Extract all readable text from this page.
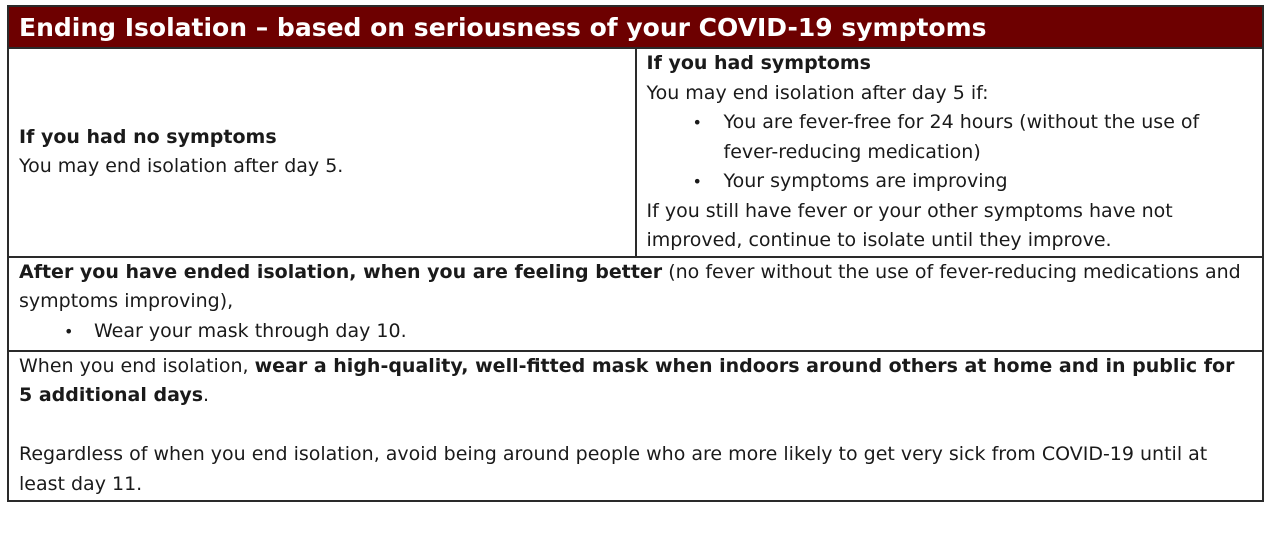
Ending Isolation – based on seriousness of your COVID-19 symptoms

If you had no symptoms
You may end isolation after day 5.

If you had symptoms
You may end isolation after day 5 if:
• You are fever-free for 24 hours (without the use of fever-reducing medication)
• Your symptoms are improving
If you still have fever or your other symptoms have not improved, continue to isolate until they improve.

After you have ended isolation, when you are feeling better (no fever without the use of fever-reducing medications and symptoms improving),
• Wear your mask through day 10.

When you end isolation, wear a high-quality, well-fitted mask when indoors around others at home and in public for 5 additional days.
Regardless of when you end isolation, avoid being around people who are more likely to get very sick from COVID-19 until at least day 11.
